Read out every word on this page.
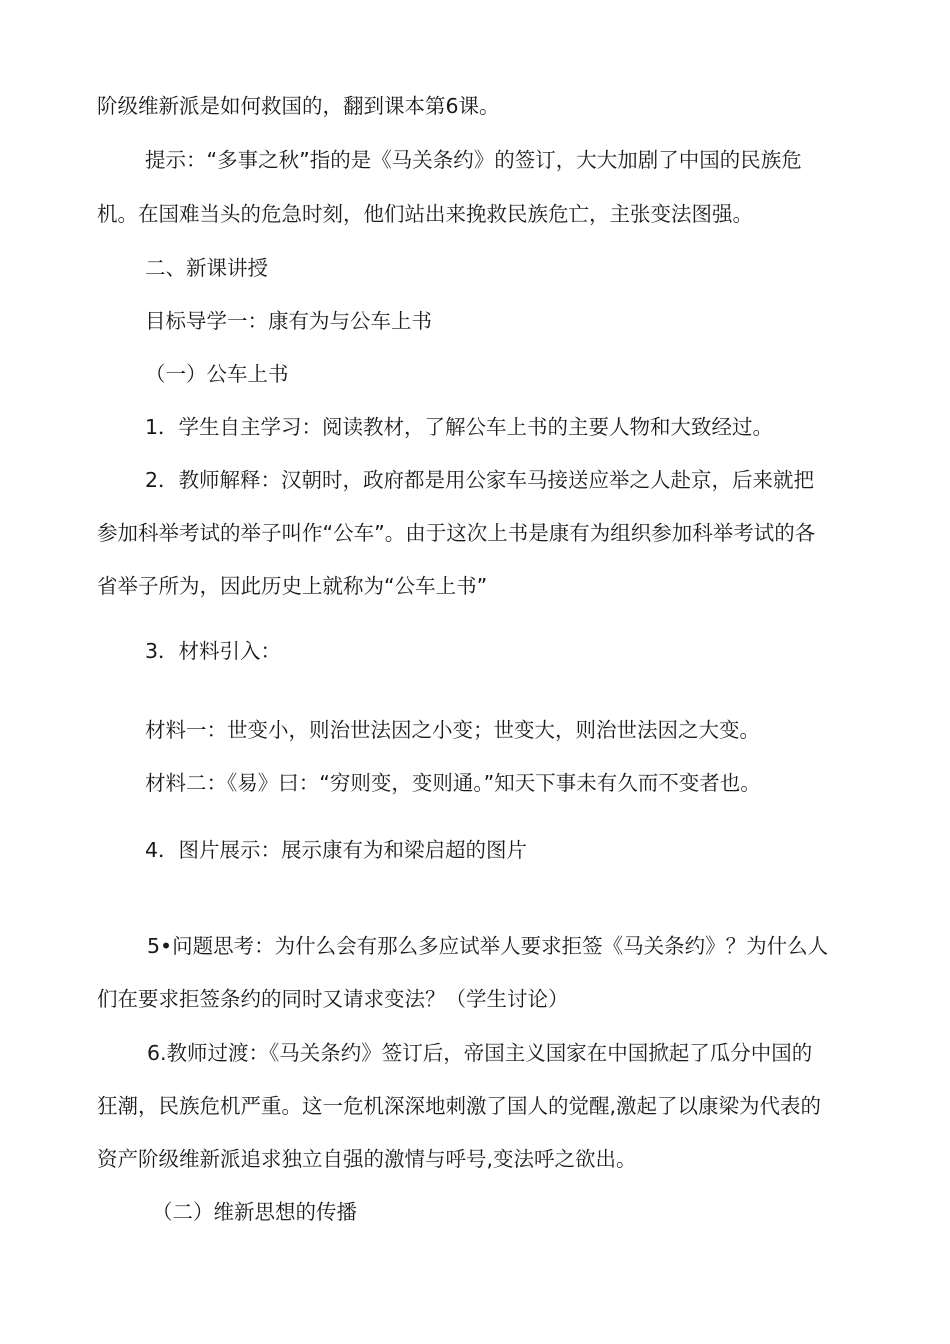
阶级维新派是如何救国的，翻到课本第6课。

提示：“多事之秋”指的是《马关条约》的签订，大大加剧了中国的民族危

机。在国难当头的危急时刻，他们站出来挽救民族危亡，主张变法图强。

二、新课讲授

目标导学一：康有为与公车上书

（一）公车上书

1．学生自主学习：阅读教材，了解公车上书的主要人物和大致经过。

2．教师解释：汉朝时，政府都是用公家车马接送应举之人赴京，后来就把

参加科举考试的举子叫作“公车”。由于这次上书是康有为组织参加科举考试的各

省举子所为，因此历史上就称为“公车上书”

3．材料引入：

材料一：世变小，则治世法因之小变；世变大，则治世法因之大变。

材料二：《易》曰：“穷则变，变则通。”知天下事未有久而不变者也。

4．图片展示：展示康有为和梁启超的图片

5•问题思考：为什么会有那么多应试举人要求拒签《马关条约》？为什么人

们在要求拒签条约的同时又请求变法？（学生讨论）

6.教师过渡：《马关条约》签订后，帝国主义国家在中国掀起了瓜分中国的

狂潮，民族危机严重。这一危机深深地刺激了国人的觉醒,激起了以康梁为代表的

资产阶级维新派追求独立自强的激情与呼号,变法呼之欲出。

（二）维新思想的传播
